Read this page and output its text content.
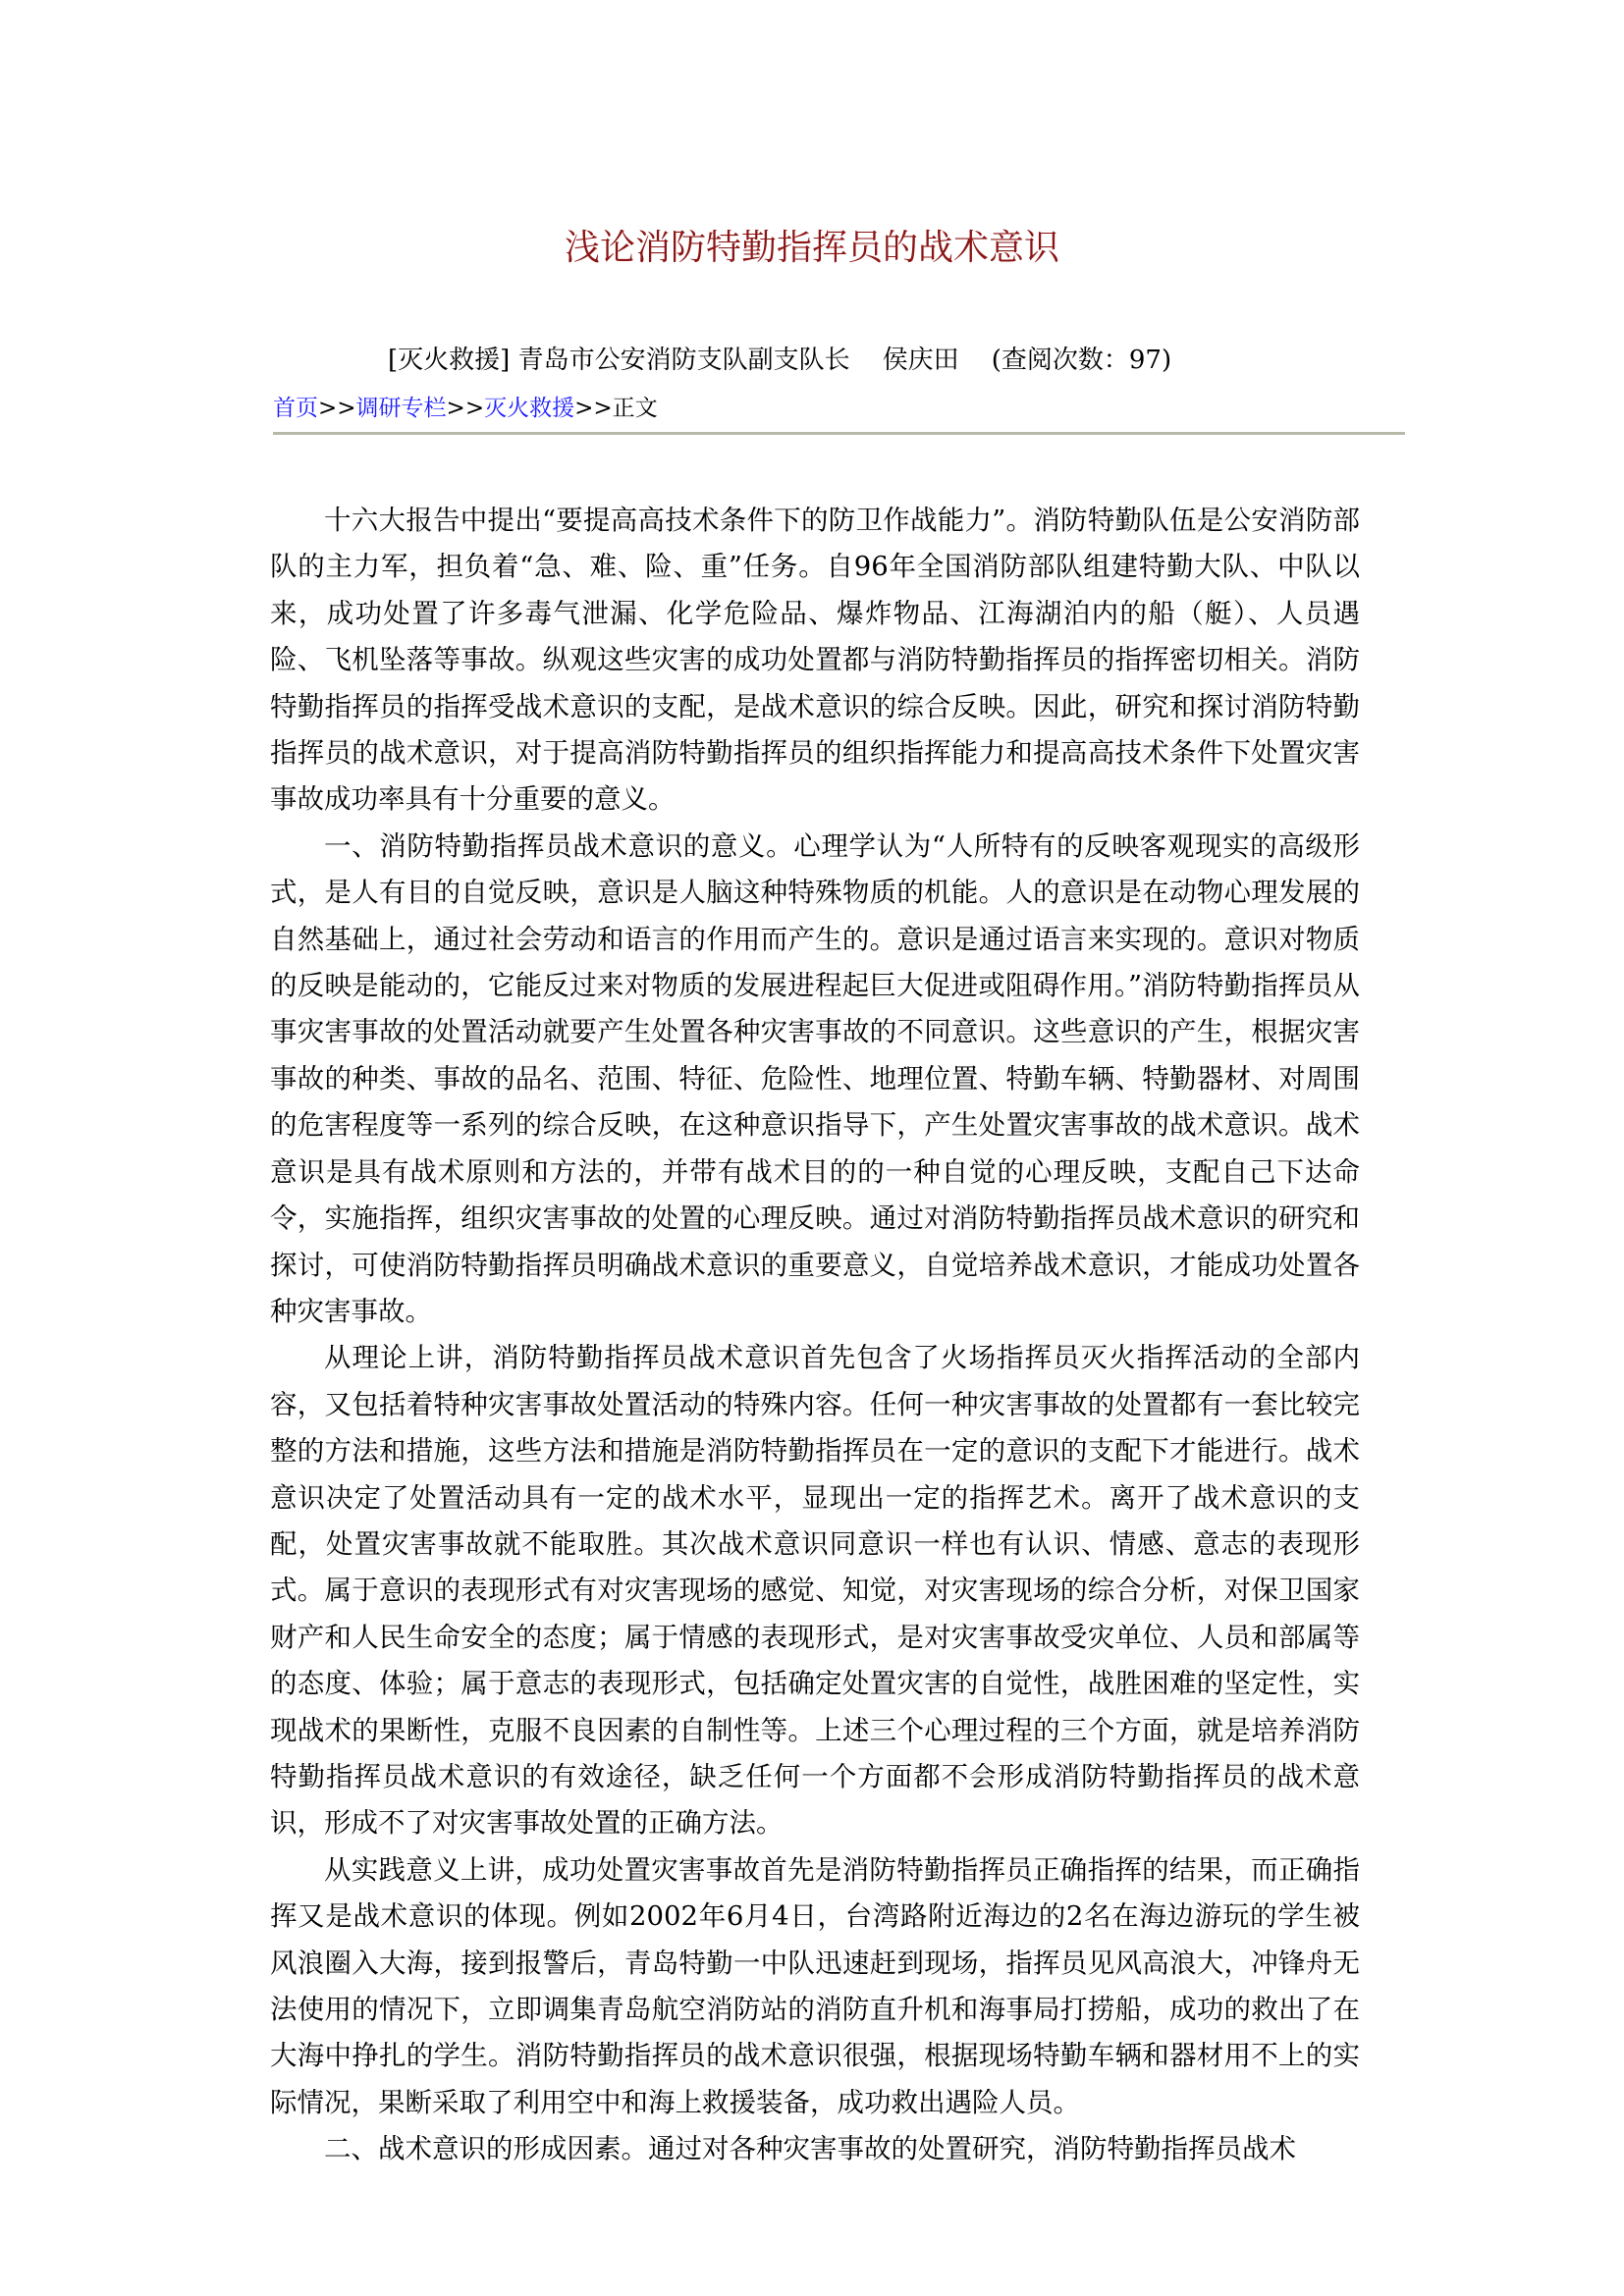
浅论消防特勤指挥员的战术意识
[灭火救援] 青岛市公安消防支队副支队长 侯庆田 (查阅次数：97)
首页>>调研专栏>>灭火救援>>正文

十六大报告中提出“要提高高技术条件下的防卫作战能力”。消防特勤队伍是公安消防部队的主力军，担负着“急、难、险、重”任务。自96年全国消防部队组建特勤大队、中队以来，成功处置了许多毒气泄漏、化学危险品、爆炸物品、江海湖泊内的船（艇）、人员遇险、飞机坠落等事故。纵观这些灾害的成功处置都与消防特勤指挥员的指挥密切相关。消防特勤指挥员的指挥受战术意识的支配，是战术意识的综合反映。因此，研究和探讨消防特勤指挥员的战术意识，对于提高消防特勤指挥员的组织指挥能力和提高高技术条件下处置灾害事故成功率具有十分重要的意义。

一、消防特勤指挥员战术意识的意义。心理学认为“人所特有的反映客观现实的高级形式，是人有目的自觉反映，意识是人脑这种特殊物质的机能。人的意识是在动物心理发展的自然基础上，通过社会劳动和语言的作用而产生的。意识是通过语言来实现的。意识对物质的反映是能动的，它能反过来对物质的发展进程起巨大促进或阻碍作用。”消防特勤指挥员从事灾害事故的处置活动就要产生处置各种灾害事故的不同意识。这些意识的产生，根据灾害事故的种类、事故的品名、范围、特征、危险性、地理位置、特勤车辆、特勤器材、对周围的危害程度等一系列的综合反映，在这种意识指导下，产生处置灾害事故的战术意识。战术意识是具有战术原则和方法的，并带有战术目的的一种自觉的心理反映，支配自己下达命令，实施指挥，组织灾害事故的处置的心理反映。通过对消防特勤指挥员战术意识的研究和探讨，可使消防特勤指挥员明确战术意识的重要意义，自觉培养战术意识，才能成功处置各种灾害事故。

从理论上讲，消防特勤指挥员战术意识首先包含了火场指挥员灭火指挥活动的全部内容，又包括着特种灾害事故处置活动的特殊内容。任何一种灾害事故的处置都有一套比较完整的方法和措施，这些方法和措施是消防特勤指挥员在一定的意识的支配下才能进行。战术意识决定了处置活动具有一定的战术水平，显现出一定的指挥艺术。离开了战术意识的支配，处置灾害事故就不能取胜。其次战术意识同意识一样也有认识、情感、意志的表现形式。属于意识的表现形式有对灾害现场的感觉、知觉，对灾害现场的综合分析，对保卫国家财产和人民生命安全的态度；属于情感的表现形式，是对灾害事故受灾单位、人员和部属等的态度、体验；属于意志的表现形式，包括确定处置灾害的自觉性，战胜困难的坚定性，实现战术的果断性，克服不良因素的自制性等。上述三个心理过程的三个方面，就是培养消防特勤指挥员战术意识的有效途径，缺乏任何一个方面都不会形成消防特勤指挥员的战术意识，形成不了对灾害事故处置的正确方法。

从实践意义上讲，成功处置灾害事故首先是消防特勤指挥员正确指挥的结果，而正确指挥又是战术意识的体现。例如2002年6月4日，台湾路附近海边的2名在海边游玩的学生被风浪圈入大海，接到报警后，青岛特勤一中队迅速赶到现场，指挥员见风高浪大，冲锋舟无法使用的情况下，立即调集青岛航空消防站的消防直升机和海事局打捞船，成功的救出了在大海中挣扎的学生。消防特勤指挥员的战术意识很强，根据现场特勤车辆和器材用不上的实际情况，果断采取了利用空中和海上救援装备，成功救出遇险人员。

二、战术意识的形成因素。通过对各种灾害事故的处置研究，消防特勤指挥员战术
